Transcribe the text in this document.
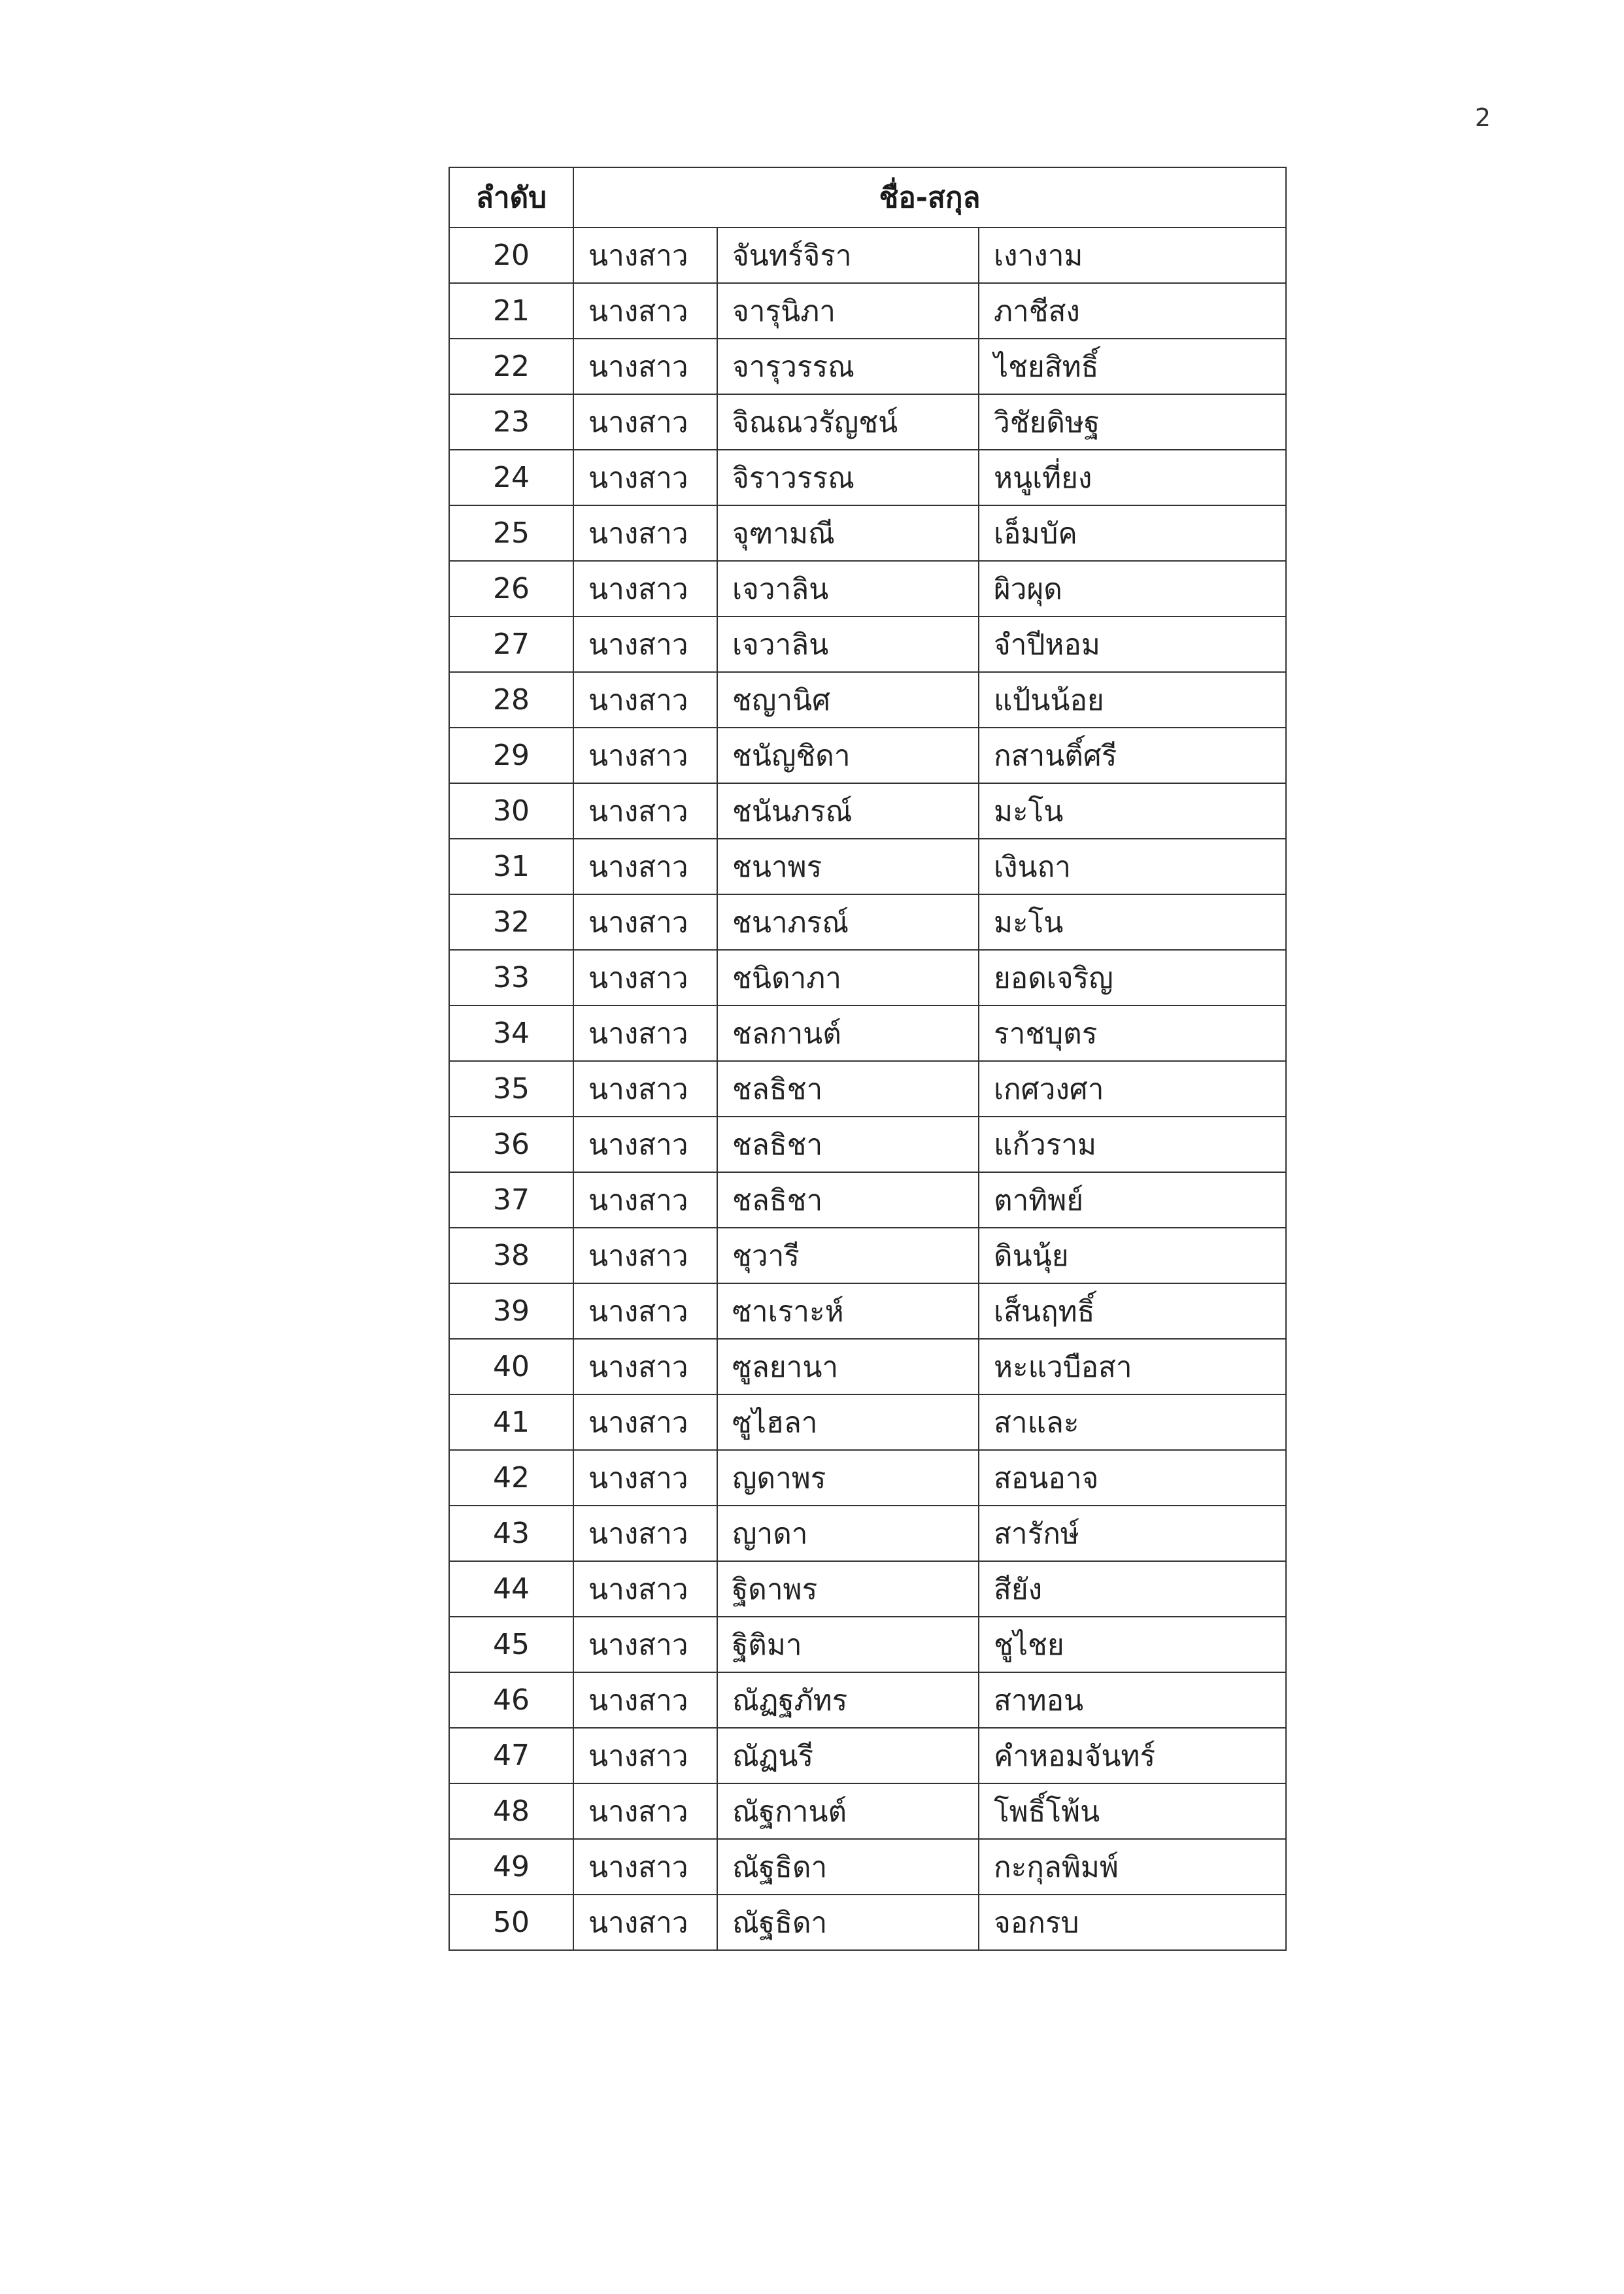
2
ลำดับ	ชื่อ-สกุล		
20	นางสาว	จันทร์จิรา	เงางาม
21	นางสาว	จารุนิภา	ภาชีสง
22	นางสาว	จารุวรรณ	ไชยสิทธิ์
23	นางสาว	จิณณวรัญชน์	วิชัยดิษฐ
24	นางสาว	จิราวรรณ	หนูเที่ยง
25	นางสาว	จุฑามณี	เอ็มบัค
26	นางสาว	เจวาลิน	ผิวผุด
27	นางสาว	เจวาลิน	จำปีหอม
28	นางสาว	ชญานิศ	แป้นน้อย
29	นางสาว	ชนัญชิดา	กสานติ์ศรี
30	นางสาว	ชนันภรณ์	มะโน
31	นางสาว	ชนาพร	เงินถา
32	นางสาว	ชนาภรณ์	มะโน
33	นางสาว	ชนิดาภา	ยอดเจริญ
34	นางสาว	ชลกานต์	ราชบุตร
35	นางสาว	ชลธิชา	เกศวงศา
36	นางสาว	ชลธิชา	แก้วราม
37	นางสาว	ชลธิชา	ตาทิพย์
38	นางสาว	ชุวารี	ดินนุ้ย
39	นางสาว	ซาเราะห์	เส็นฤทธิ์
40	นางสาว	ซูลยานา	หะแวบือสา
41	นางสาว	ซูไฮลา	สาและ
42	นางสาว	ญดาพร	สอนอาจ
43	นางสาว	ญาดา	สารักษ์
44	นางสาว	ฐิดาพร	สียัง
45	นางสาว	ฐิติมา	ชูไชย
46	นางสาว	ณัฏฐภัทร	สาทอน
47	นางสาว	ณัฏนรี	คำหอมจันทร์
48	นางสาว	ณัฐกานต์	โพธิ์โพ้น
49	นางสาว	ณัฐธิดา	กะกุลพิมพ์
50	นางสาว	ณัฐธิดา	จอกรบ
